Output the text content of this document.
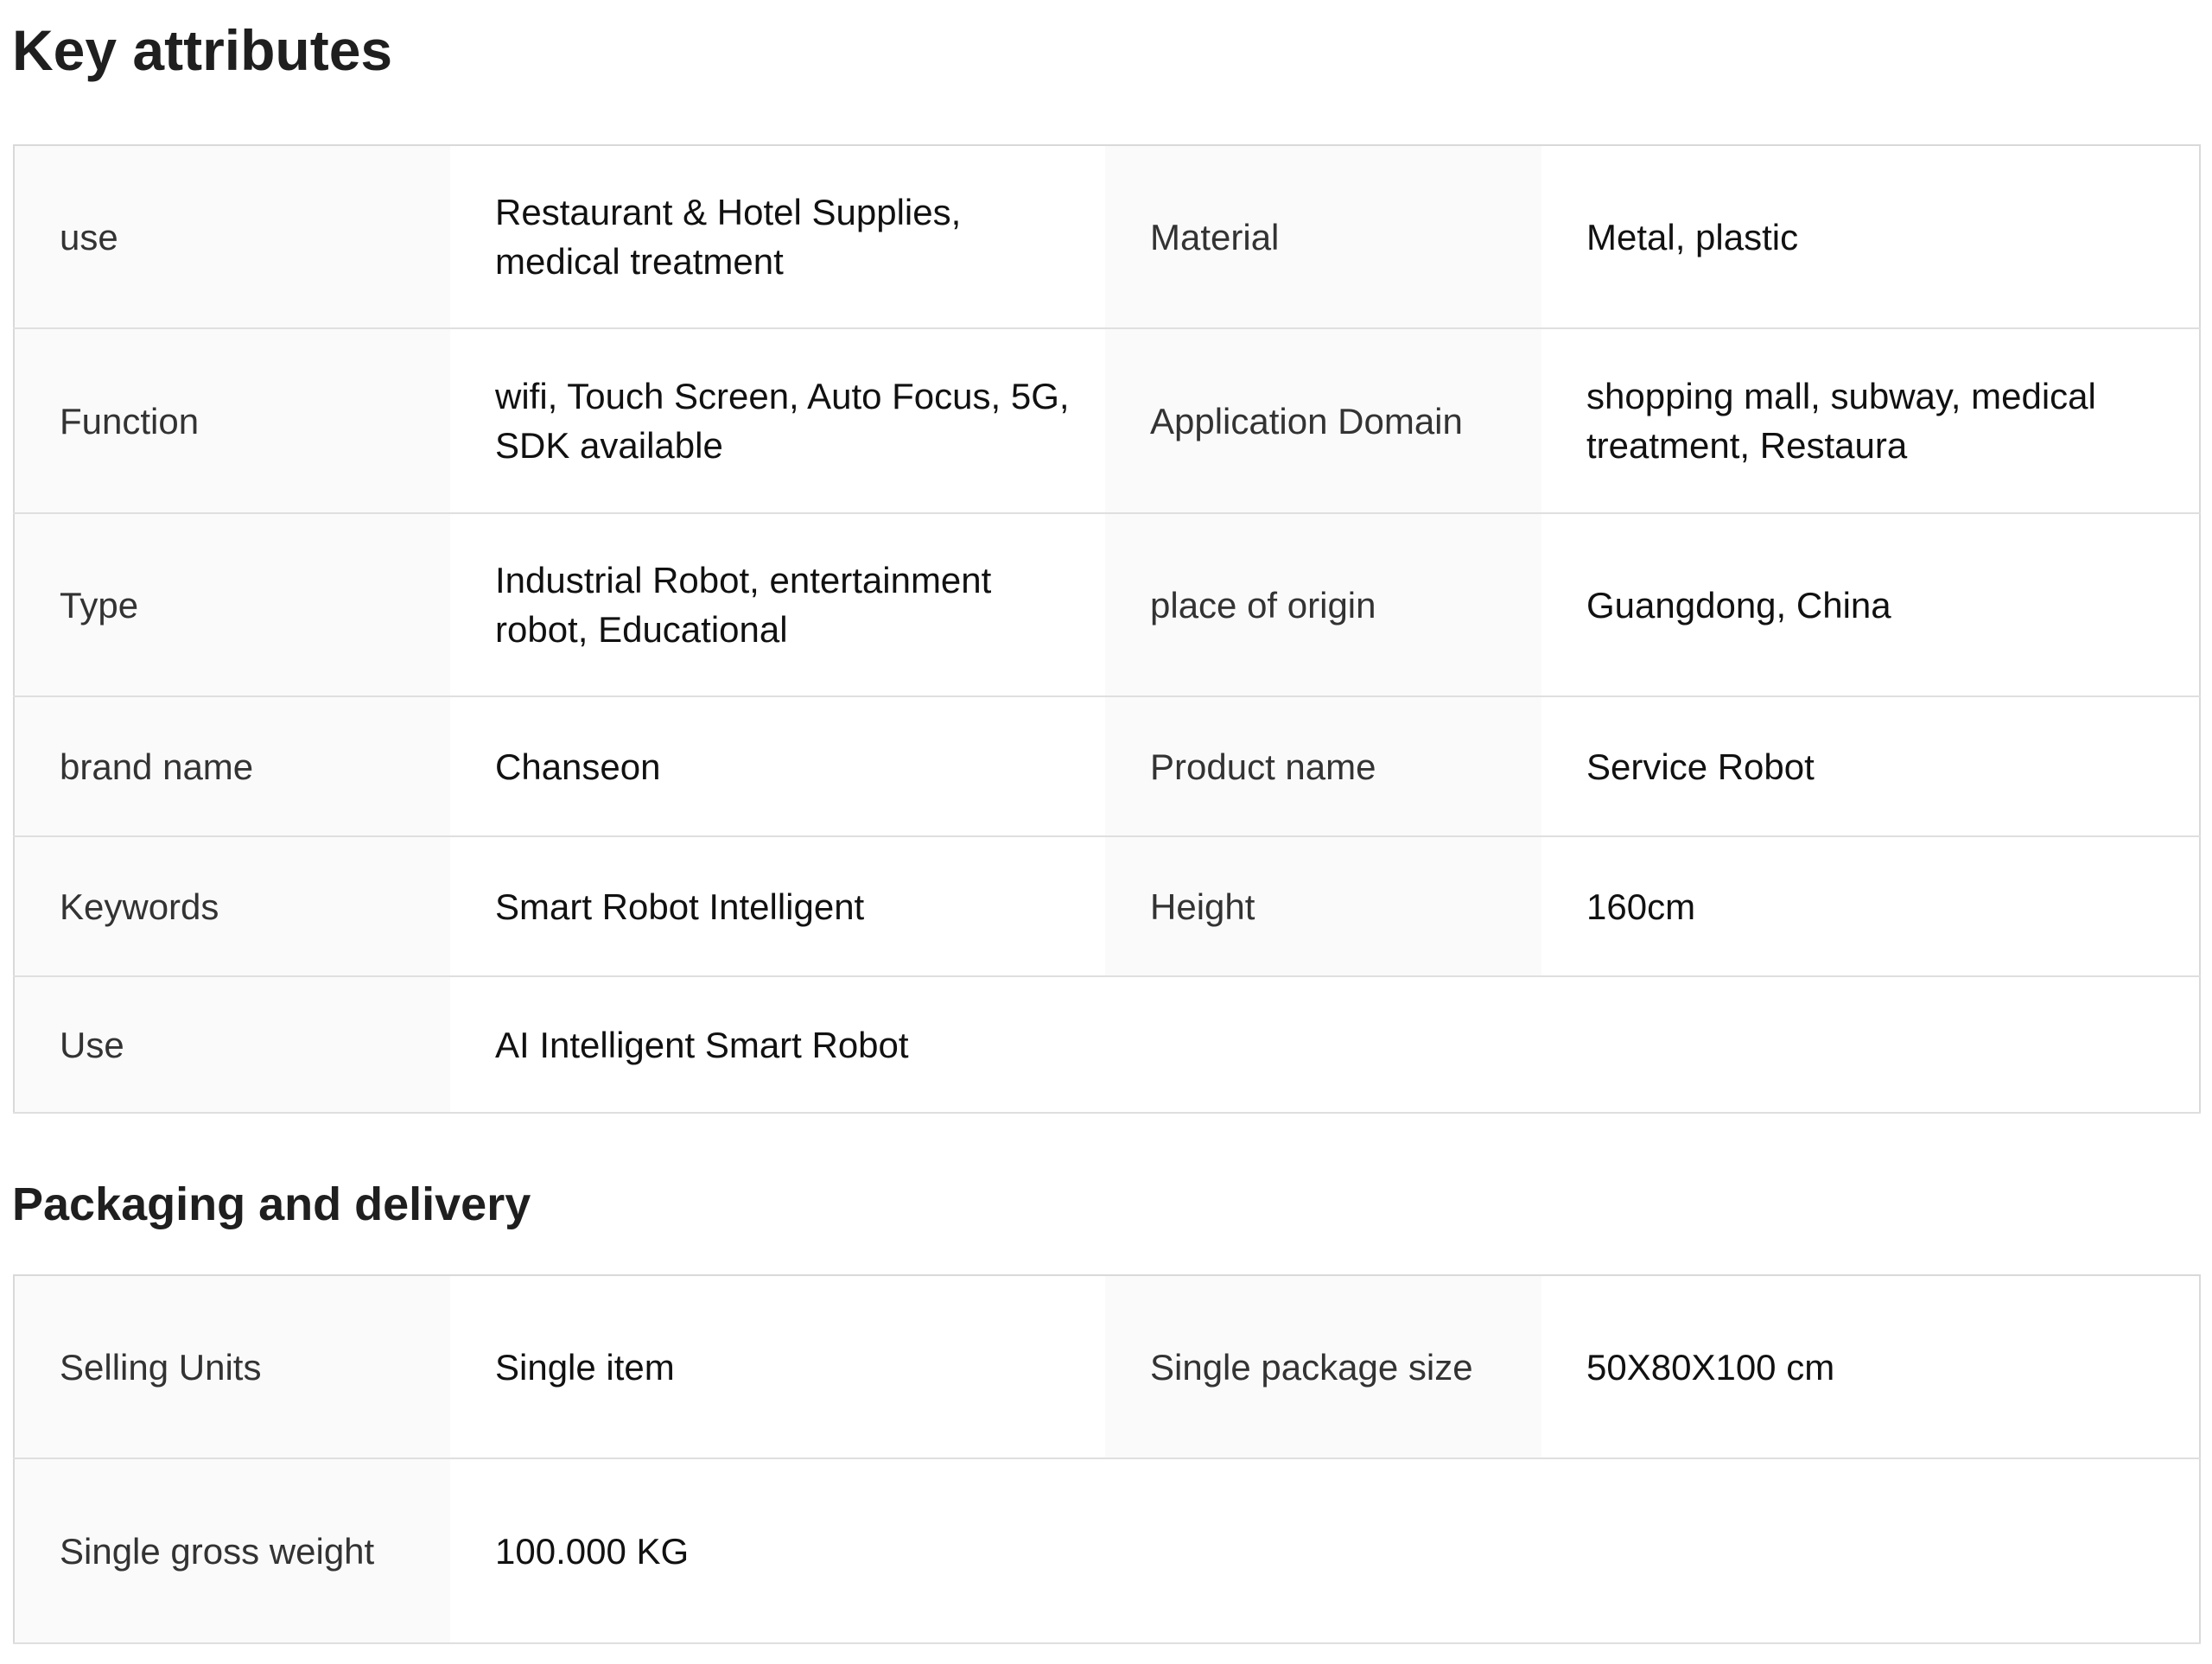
Key attributes
use	Restaurant & Hotel Supplies, medical treatment	Material	Metal, plastic
Function	wifi, Touch Screen, Auto Focus, 5G, SDK available	Application Domain	shopping mall, subway, medical treatment, Restaura
Type	Industrial Robot, entertainment robot, Educational	place of origin	Guangdong, China
brand name	Chanseon	Product name	Service Robot
Keywords	Smart Robot Intelligent	Height	160cm
Use	AI Intelligent Smart Robot		
Packaging and delivery
Selling Units	Single item	Single package size	50X80X100 cm
Single gross weight	100.000 KG		
